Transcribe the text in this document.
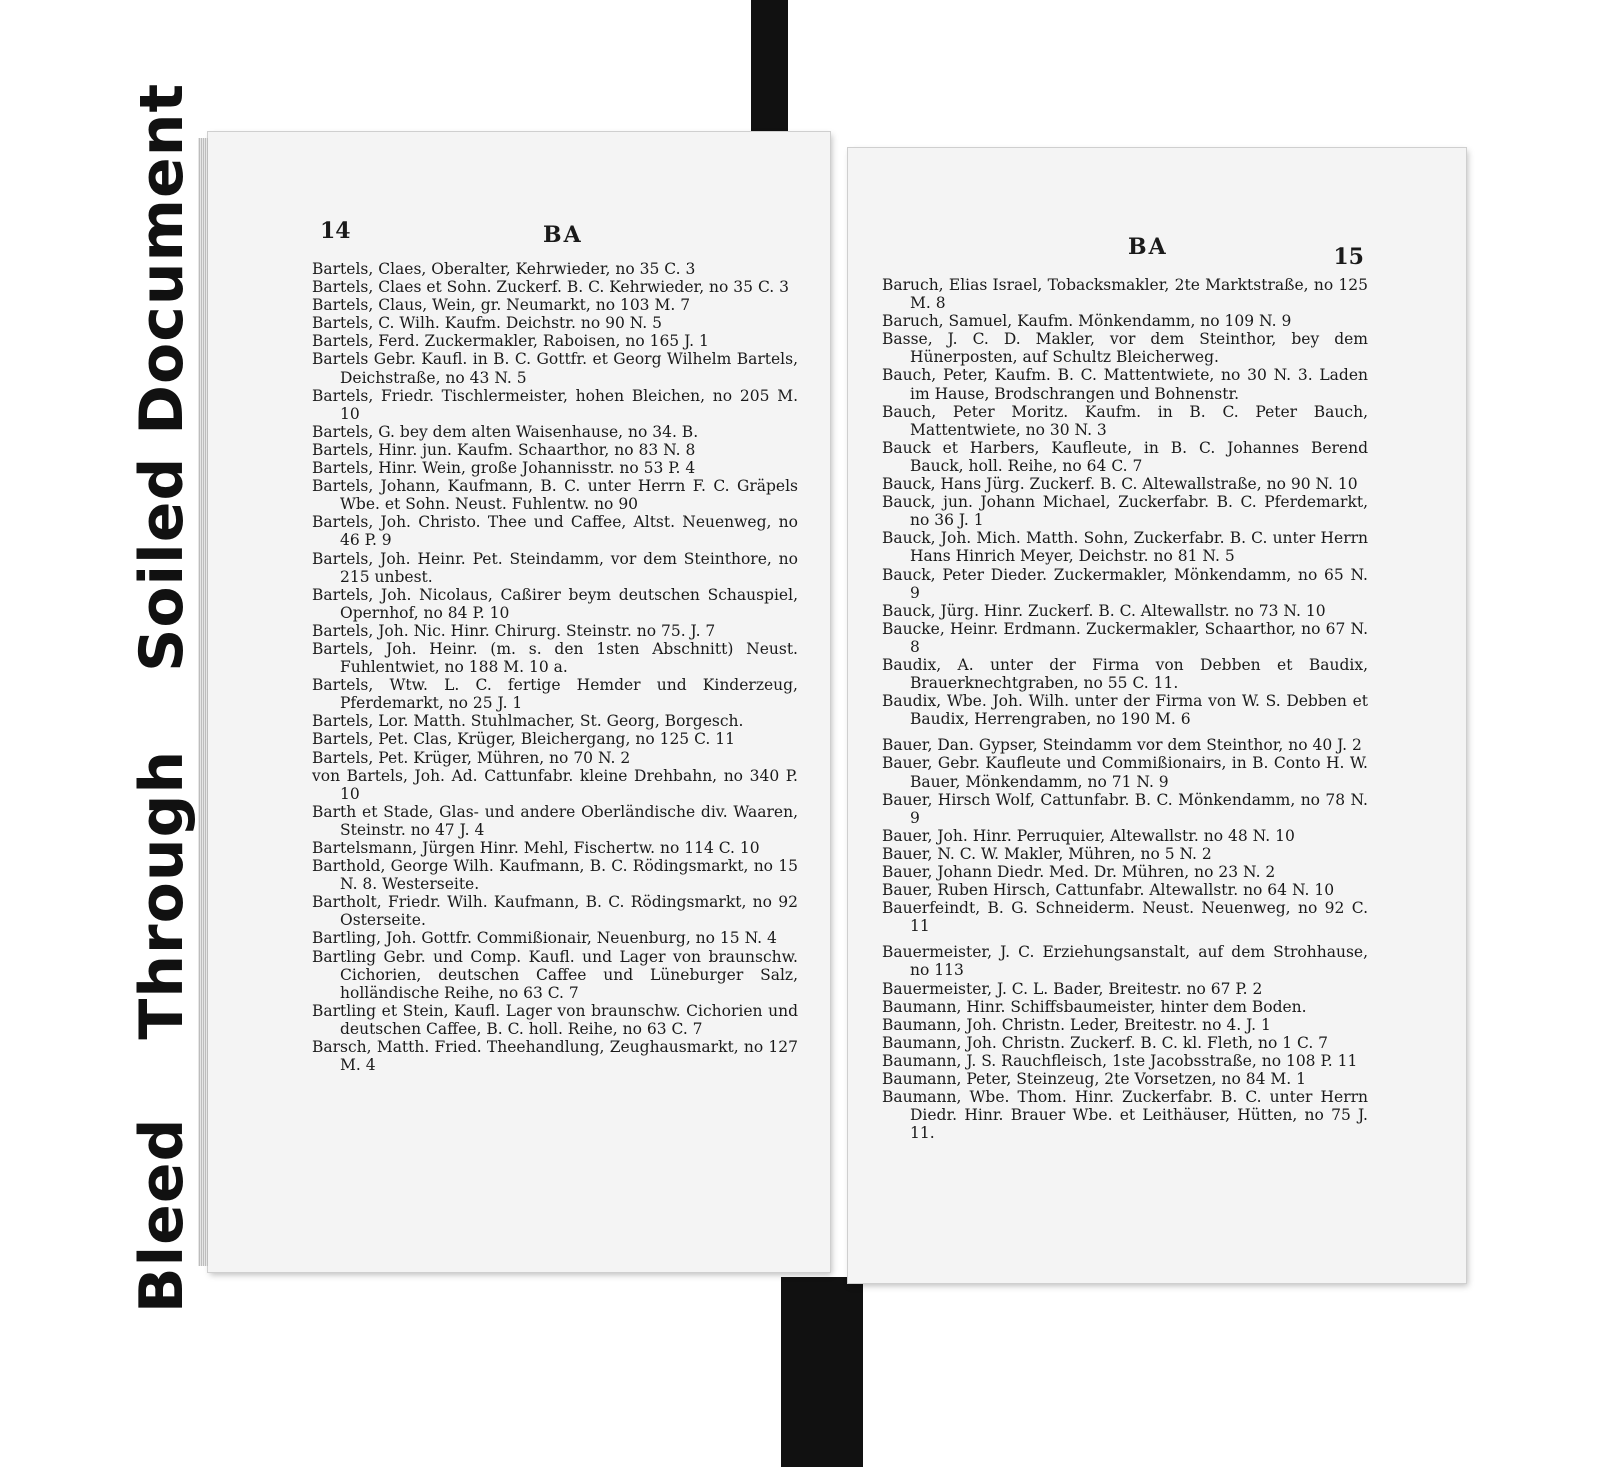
Bleed Through Soiled Document	14	BA
Bartels, Claes, Oberalter, Kehrwieder, no 35 C. 3
Bartels, Claes et Sohn. Zuckerf. B. C. Kehrwieder, no 35 C. 3
Bartels, Claus, Wein, gr. Neumarkt, no 103 M. 7
Bartels, C. Wilh. Kaufm. Deichstr. no 90 N. 5
Bartels, Ferd. Zuckermakler, Raboisen, no 165 J. 1
Bartels Gebr. Kaufl. in B. C. Gottfr. et Georg Wilhelm Bartels, Deichstraße, no 43 N. 5
Bartels, Friedr. Tischlermeister, hohen Bleichen, no 205 M. 10
Bartels, G. bey dem alten Waisenhause, no 34. B.
Bartels, Hinr. jun. Kaufm. Schaarthor, no 83 N. 8
Bartels, Hinr. Wein, große Johannisstr. no 53 P. 4
Bartels, Johann, Kaufmann, B. C. unter Herrn F. C. Gräpels Wbe. et Sohn. Neust. Fuhlentw. no 90
Bartels, Joh. Christo. Thee und Caffee, Altst. Neuenweg, no 46 P. 9
Bartels, Joh. Heinr. Pet. Steindamm, vor dem Steinthore, no 215 unbest.
Bartels, Joh. Nicolaus, Caßirer beym deutschen Schauspiel, Opernhof, no 84 P. 10
Bartels, Joh. Nic. Hinr. Chirurg. Steinstr. no 75. J. 7
Bartels, Joh. Heinr. (m. s. den 1sten Abschnitt) Neust. Fuhlentwiet, no 188 M. 10 a.
Bartels, Wtw. L. C. fertige Hemder und Kinderzeug, Pferdemarkt, no 25 J. 1
Bartels, Lor. Matth. Stuhlmacher, St. Georg, Borgesch.
Bartels, Pet. Clas, Krüger, Bleichergang, no 125 C. 11
Bartels, Pet. Krüger, Mühren, no 70 N. 2
von Bartels, Joh. Ad. Cattunfabr. kleine Drehbahn, no 340 P. 10
Barth et Stade, Glas- und andere Oberländische div. Waaren, Steinstr. no 47 J. 4
Bartelsmann, Jürgen Hinr. Mehl, Fischertw. no 114 C. 10
Barthold, George Wilh. Kaufmann, B. C. Rödingsmarkt, no 15 N. 8. Westerseite.
Bartholt, Friedr. Wilh. Kaufmann, B. C. Rödingsmarkt, no 92 Osterseite.
Bartling, Joh. Gottfr. Commißionair, Neuenburg, no 15 N. 4
Bartling Gebr. und Comp. Kaufl. und Lager von braunschw. Cichorien, deutschen Caffee und Lüneburger Salz, holländische Reihe, no 63 C. 7
Bartling et Stein, Kaufl. Lager von braunschw. Cichorien und deutschen Caffee, B. C. holl. Reihe, no 63 C. 7
Barsch, Matth. Fried. Theehandlung, Zeughausmarkt, no 127 M. 4
BA	15
Baruch, Elias Israel, Tobacksmakler, 2te Marktstraße, no 125 M. 8
Baruch, Samuel, Kaufm. Mönkendamm, no 109 N. 9
Basse, J. C. D. Makler, vor dem Steinthor, bey dem Hünerposten, auf Schultz Bleicherweg.
Bauch, Peter, Kaufm. B. C. Mattentwiete, no 30 N. 3. Laden im Hause, Brodschrangen und Bohnenstr.
Bauch, Peter Moritz. Kaufm. in B. C. Peter Bauch, Mattentwiete, no 30 N. 3
Bauck et Harbers, Kaufleute, in B. C. Johannes Berend Bauck, holl. Reihe, no 64 C. 7
Bauck, Hans Jürg. Zuckerf. B. C. Altewallstraße, no 90 N. 10
Bauck, jun. Johann Michael, Zuckerfabr. B. C. Pferdemarkt, no 36 J. 1
Bauck, Joh. Mich. Matth. Sohn, Zuckerfabr. B. C. unter Herrn Hans Hinrich Meyer, Deichstr. no 81 N. 5
Bauck, Peter Dieder. Zuckermakler, Mönkendamm, no 65 N. 9
Bauck, Jürg. Hinr. Zuckerf. B. C. Altewallstr. no 73 N. 10
Baucke, Heinr. Erdmann. Zuckermakler, Schaarthor, no 67 N. 8
Baudix, A. unter der Firma von Debben et Baudix, Brauerknechtgraben, no 55 C. 11.
Baudix, Wbe. Joh. Wilh. unter der Firma von W. S. Debben et Baudix, Herrengraben, no 190 M. 6
Bauer, Dan. Gypser, Steindamm vor dem Steinthor, no 40 J. 2
Bauer, Gebr. Kaufleute und Commißionairs, in B. Conto H. W. Bauer, Mönkendamm, no 71 N. 9
Bauer, Hirsch Wolf, Cattunfabr. B. C. Mönkendamm, no 78 N. 9
Bauer, Joh. Hinr. Perruquier, Altewallstr. no 48 N. 10
Bauer, N. C. W. Makler, Mühren, no 5 N. 2
Bauer, Johann Diedr. Med. Dr. Mühren, no 23 N. 2
Bauer, Ruben Hirsch, Cattunfabr. Altewallstr. no 64 N. 10
Bauerfeindt, B. G. Schneiderm. Neust. Neuenweg, no 92 C. 11
Bauermeister, J. C. Erziehungsanstalt, auf dem Strohhause, no 113
Bauermeister, J. C. L. Bader, Breitestr. no 67 P. 2
Baumann, Hinr. Schiffsbaumeister, hinter dem Boden.
Baumann, Joh. Christn. Leder, Breitestr. no 4. J. 1
Baumann, Joh. Christn. Zuckerf. B. C. kl. Fleth, no 1 C. 7
Baumann, J. S. Rauchfleisch, 1ste Jacobsstraße, no 108 P. 11
Baumann, Peter, Steinzeug, 2te Vorsetzen, no 84 M. 1
Baumann, Wbe. Thom. Hinr. Zuckerfabr. B. C. unter Herrn Diedr. Hinr. Brauer Wbe. et Leithäuser, Hütten, no 75 J. 11.
